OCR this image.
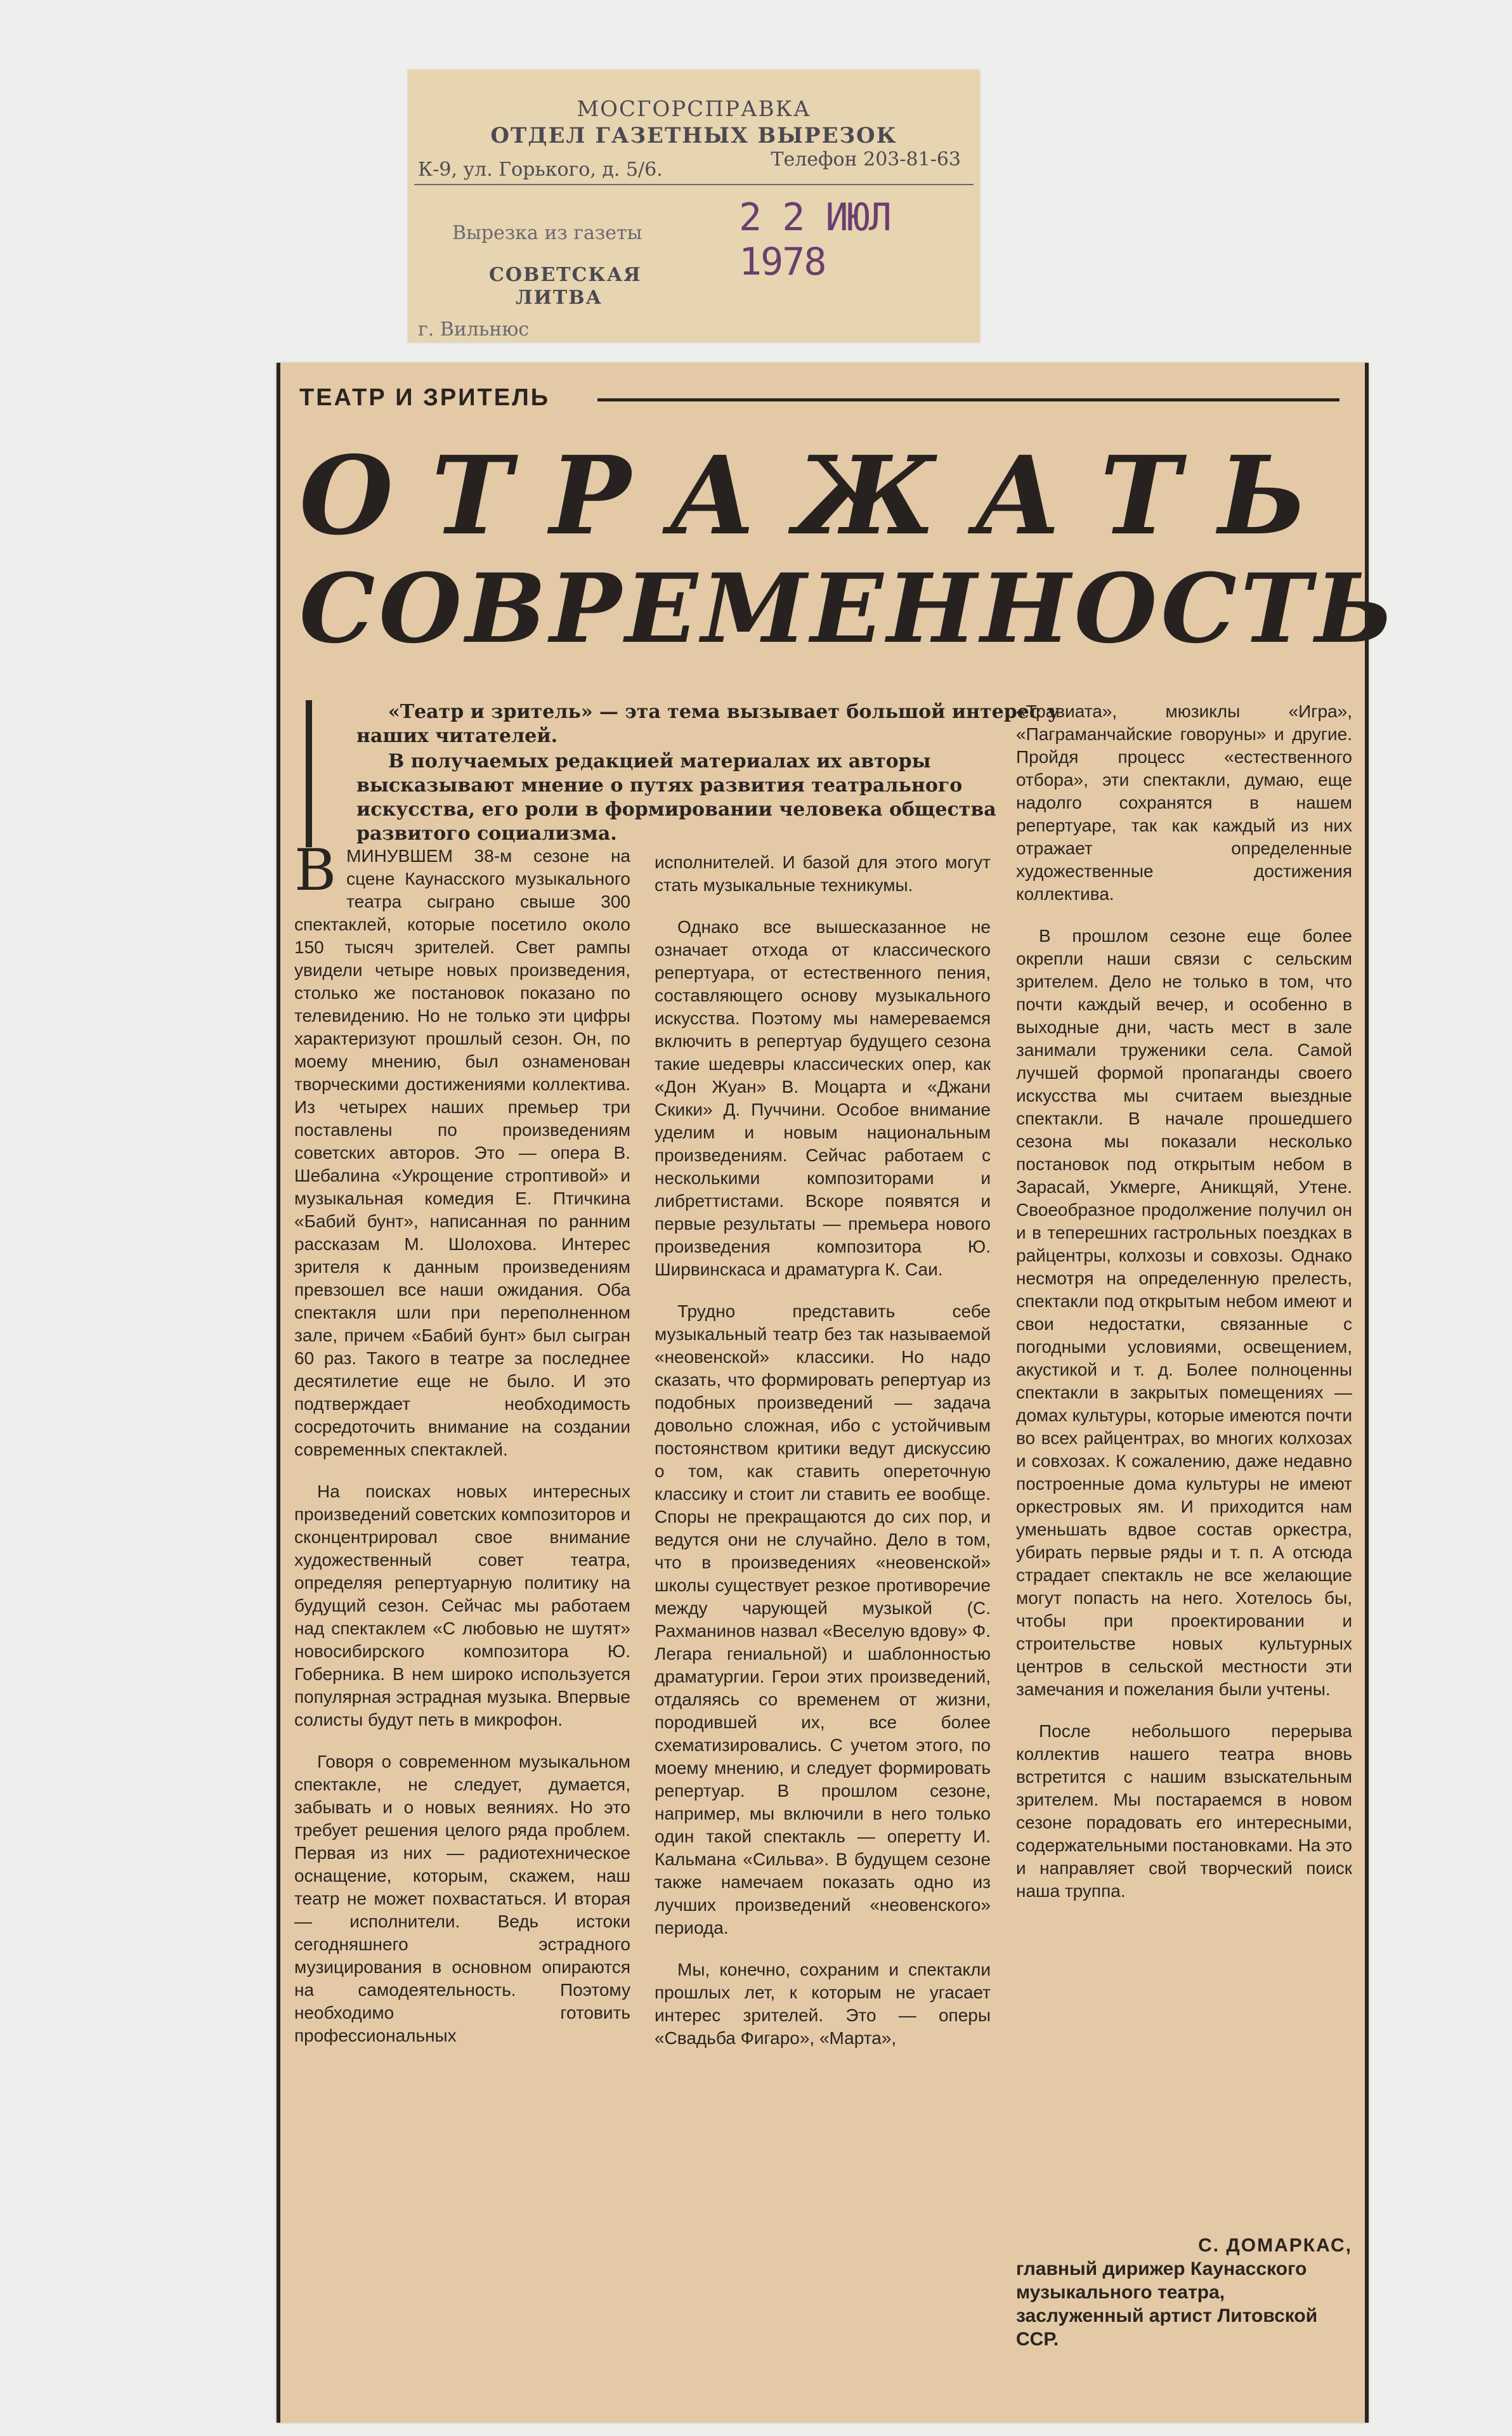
МОСГОРСПРАВКА
ОТДЕЛ ГАЗЕТНЫХ ВЫРЕЗОК
К-9, ул. Горького, д. 5/6.	Телефон 203-81-63
Вырезка из газеты	2 2 ИЮЛ 1978
СОВЕТСКАЯ
ЛИТВА
г. Вильнюс
ТЕАТР И ЗРИТЕЛЬ
ОТРАЖАТЬ
СОВРЕМЕННОСТЬ

«Театр и зритель» — эта тема вызывает большой интерес у наших читателей.

В получаемых редакцией материалах их авторы высказывают мнение о путях развития театрального искусства, его роли в формировании человека общества развитого социализма.

ВМИНУВШЕМ 38-м сезоне на сцене Каунасского музыкального театра сыграно свыше 300 спектаклей, которые посетило около 150 тысяч зрителей. Свет рампы увидели четыре новых произведения, столько же постановок показано по телевидению. Но не только эти цифры характеризуют прошлый сезон. Он, по моему мнению, был ознаменован творческими достижениями коллектива. Из четырех наших премьер три поставлены по произведениям советских авторов. Это — опера В. Шебалина «Укрощение строптивой» и музыкальная комедия Е. Птичкина «Бабий бунт», написанная по ранним рассказам М. Шолохова. Интерес зрителя к данным произведениям превзошел все наши ожидания. Оба спектакля шли при переполненном зале, причем «Бабий бунт» был сыгран 60 раз. Такого в театре за последнее десятилетие еще не было. И это подтверждает необходимость сосредоточить внимание на создании современных спектаклей.

На поисках новых интересных произведений советских композиторов и сконцентрировал свое внимание художественный совет театра, определяя репертуарную политику на будущий сезон. Сейчас мы работаем над спектаклем «С любовью не шутят» новосибирского композитора Ю. Гоберника. В нем широко используется популярная эстрадная музыка. Впервые солисты будут петь в микрофон.

Говоря о современном музыкальном спектакле, не следует, думается, забывать и о новых веяниях. Но это требует решения целого ряда проблем. Первая из них — радиотехническое оснащение, которым, скажем, наш театр не может похвастаться. И вторая — исполнители. Ведь истоки сегодняшнего эстрадного музицирования в основном опираются на самодеятельность. Поэтому необходимо готовить профессиональных

исполнителей. И базой для этого могут стать музыкальные техникумы.

Однако все вышесказанное не означает отхода от классического репертуара, от естественного пения, составляющего основу музыкального искусства. Поэтому мы намереваемся включить в репертуар будущего сезона такие шедевры классических опер, как «Дон Жуан» В. Моцарта и «Джани Скики» Д. Пуччини. Особое внимание уделим и новым национальным произведениям. Сейчас работаем с несколькими композиторами и либреттистами. Вскоре появятся и первые результаты — премьера нового произведения композитора Ю. Ширвинскаса и драматурга К. Саи.

Трудно представить себе музыкальный театр без так называемой «неовенской» классики. Но надо сказать, что формировать репертуар из подобных произведений — задача довольно сложная, ибо с устойчивым постоянством критики ведут дискуссию о том, как ставить опереточную классику и стоит ли ставить ее вообще. Споры не прекращаются до сих пор, и ведутся они не случайно. Дело в том, что в произведениях «неовенской» школы существует резкое противоречие между чарующей музыкой (С. Рахманинов назвал «Веселую вдову» Ф. Легара гениальной) и шаблонностью драматургии. Герои этих произведений, отдаляясь со временем от жизни, породившей их, все более схематизировались. С учетом этого, по моему мнению, и следует формировать репертуар. В прошлом сезоне, например, мы включили в него только один такой спектакль — оперетту И. Кальмана «Сильва». В будущем сезоне также намечаем показать одно из лучших произведений «неовенского» периода.

Мы, конечно, сохраним и спектакли прошлых лет, к которым не угасает интерес зрителей. Это — оперы «Свадьба Фигаро», «Марта»,

«Травиата», мюзиклы «Игра», «Паграманчайские говоруны» и другие. Пройдя процесс «естественного отбора», эти спектакли, думаю, еще надолго сохранятся в нашем репертуаре, так как каждый из них отражает определенные художественные достижения коллектива.

В прошлом сезоне еще более окрепли наши связи с сельским зрителем. Дело не только в том, что почти каждый вечер, и особенно в выходные дни, часть мест в зале занимали труженики села. Самой лучшей формой пропаганды своего искусства мы считаем выездные спектакли. В начале прошедшего сезона мы показали несколько постановок под открытым небом в Зарасай, Укмерге, Аникщяй, Утене. Своеобразное продолжение получил он и в теперешних гастрольных поездках в райцентры, колхозы и совхозы. Однако несмотря на определенную прелесть, спектакли под открытым небом имеют и свои недостатки, связанные с погодными условиями, освещением, акустикой и т. д. Более полноценны спектакли в закрытых помещениях — домах культуры, которые имеются почти во всех райцентрах, во многих колхозах и совхозах. К сожалению, даже недавно построенные дома культуры не имеют оркестровых ям. И приходится нам уменьшать вдвое состав оркестра, убирать первые ряды и т. п. А отсюда страдает спектакль не все желающие могут попасть на него. Хотелось бы, чтобы при проектировании и строительстве новых культурных центров в сельской местности эти замечания и пожелания были учтены.

После небольшого перерыва коллектив нашего театра вновь встретится с нашим взыскательным зрителем. Мы постараемся в новом сезоне порадовать его интересными, содержательными постановками. На это и направляет свой творческий поиск наша труппа.

С. ДОМАРКАС,
главный дирижер Каунасского музыкального театра, заслуженный артист Литовской ССР.
